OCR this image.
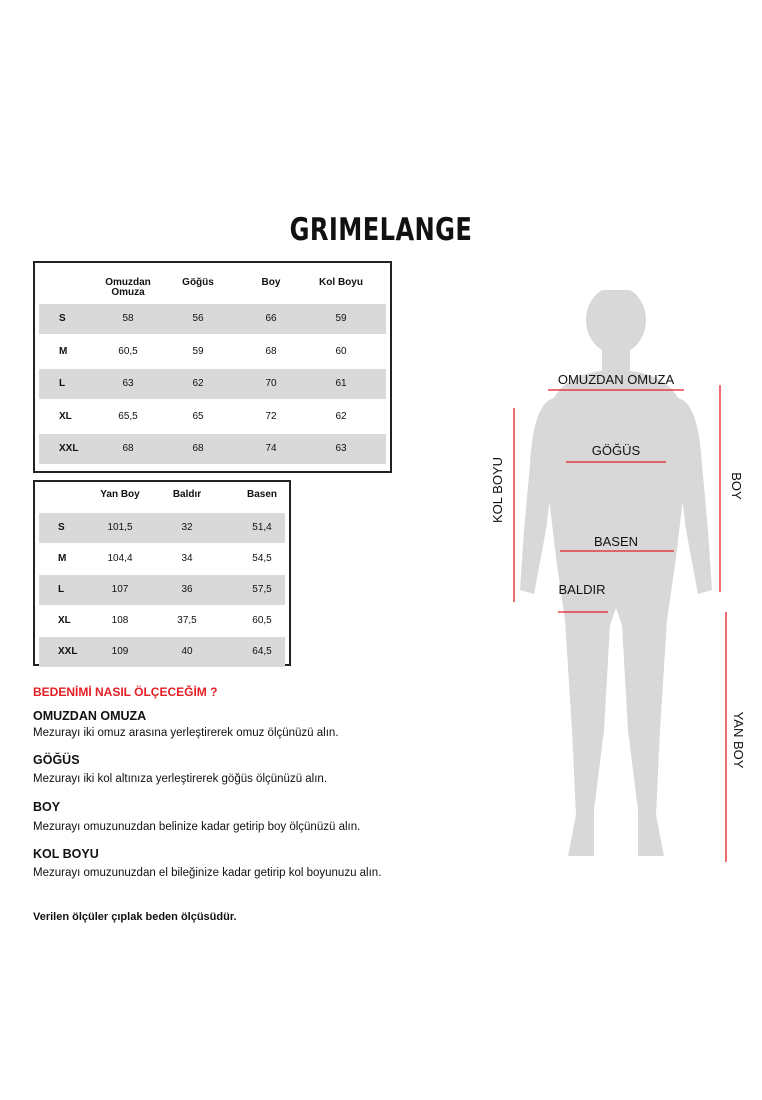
GRIMELANGE
Omuzdan
Omuza
Göğüs	Boy	Kol Boyu
S	58	56	66	59
M	60,5	59	68	60
L	63	62	70	61
XL	65,5	65	72	62
XXL	68	68	74	63
Yan Boy	Baldır	Basen
S	101,5	32	51,4
M	104,4	34	54,5
L	107	36	57,5
XL	108	37,5	60,5
XXL	109	40	64,5

BEDENİMİ NASIL ÖLÇECEĞİM ?

OMUZDAN OMUZA

Mezurayı iki omuz arasına yerleştirerek omuz ölçünüzü alın.

GÖĞÜS

Mezurayı iki kol altınıza yerleştirerek göğüs ölçünüzü alın.

BOY

Mezurayı omuzunuzdan belinize kadar getirip boy ölçünüzü alın.

KOL BOYU

Mezurayı omuzunuzdan el bileğinize kadar getirip kol boyunuzu alın.

Verilen ölçüler çıplak beden ölçüsüdür.

OMUZDAN OMUZA
GÖĞÜS
BASEN
BALDIR
KOL BOYU	BOY
YAN BOY
